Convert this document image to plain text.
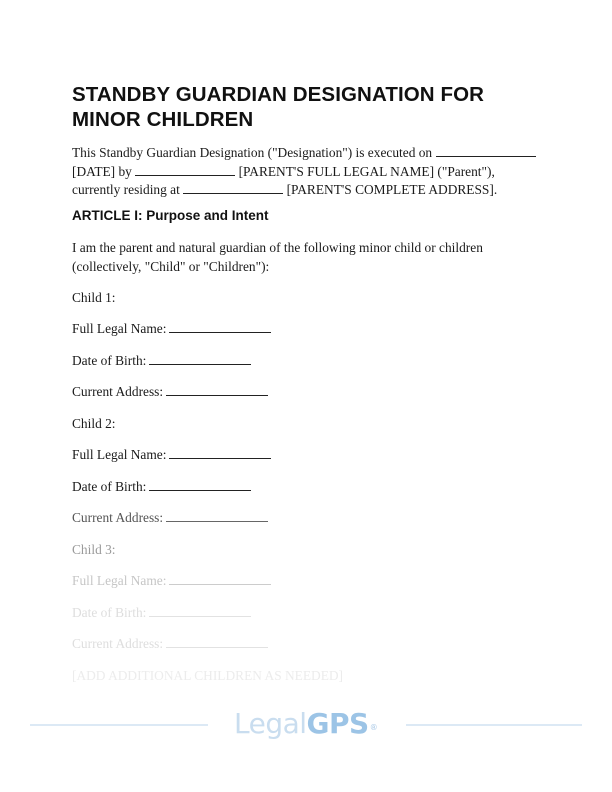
STANDBY GUARDIAN DESIGNATION FOR MINOR CHILDREN
This Standby Guardian Designation ("Designation") is executed on  [DATE] by	[PARENT'S FULL LEGAL NAME] ("Parent"), currently residing at	[PARENT'S COMPLETE ADDRESS].
ARTICLE I: Purpose and Intent
I am the parent and natural guardian of the following minor child or children (collectively, "Child" or "Children"):
Child 1:
Full Legal Name:
Date of Birth:
Current Address:
Child 2:
Full Legal Name:
Date of Birth:
Current Address:
Child 3:
Full Legal Name:
Date of Birth:
Current Address:
[ADD ADDITIONAL CHILDREN AS NEEDED]
LegalGPS®
